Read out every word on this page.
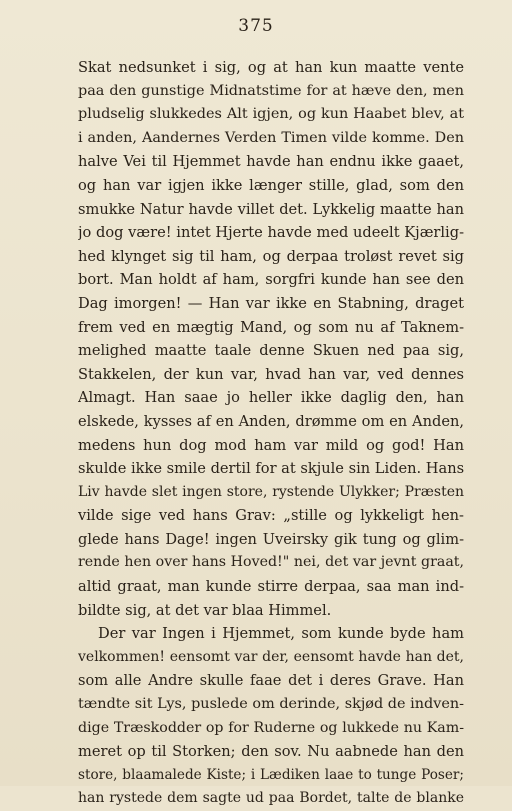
375
Skat nedsunket i sig, og at han kun maatte vente
paa den gunstige Midnatstime for at hæve den, men
pludselig slukkedes Alt igjen, og kun Haabet blev, at
i anden, Aandernes Verden Timen vilde komme. Den
halve Vei til Hjemmet havde han endnu ikke gaaet,
og han var igjen ikke længer stille, glad, som den
smukke Natur havde villet det. Lykkelig maatte han
jo dog være! intet Hjerte havde med udeelt Kjærlig-
hed klynget sig til ham, og derpaa troløst revet sig
bort. Man holdt af ham, sorgfri kunde han see den
Dag imorgen! — Han var ikke en Stabning, draget
frem ved en mægtig Mand, og som nu af Taknem-
melighed maatte taale denne Skuen ned paa sig,
Stakkelen, der kun var, hvad han var, ved dennes
Almagt. Han saae jo heller ikke daglig den, han
elskede, kysses af en Anden, drømme om en Anden,
medens hun dog mod ham var mild og god! Han
skulde ikke smile dertil for at skjule sin Liden. Hans
Liv havde slet ingen store, rystende Ulykker; Præsten
vilde sige ved hans Grav: „stille og lykkeligt hen-
glede hans Dage! ingen Uveirsky gik tung og glim-
rende hen over hans Hoved!" nei, det var jevnt graat,
altid graat, man kunde stirre derpaa, saa man ind-
bildte sig, at det var blaa Himmel.
Der var Ingen i Hjemmet, som kunde byde ham
velkommen! eensomt var der, eensomt havde han det,
som alle Andre skulle faae det i deres Grave. Han
tændte sit Lys, puslede om derinde, skjød de indven-
dige Træskodder op for Ruderne og lukkede nu Kam-
meret op til Storken; den sov. Nu aabnede han den
store, blaamalede Kiste; i Lædiken laae to tunge Poser;
han rystede dem sagte ud paa Bordet, talte de blanke
